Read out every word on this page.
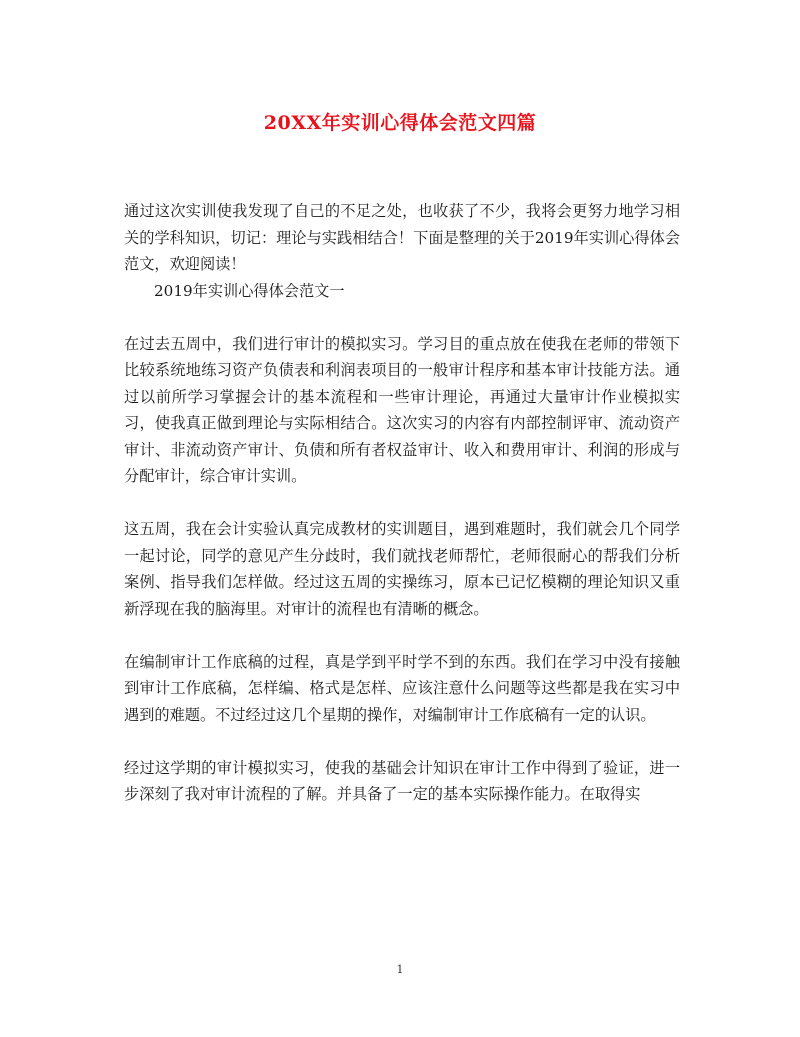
20XX年实训心得体会范文四篇

通过这次实训使我发现了自己的不足之处，也收获了不少，我将会更努力地学习相关的学科知识，切记：理论与实践相结合！下面是整理的关于2019年实训心得体会范文，欢迎阅读！

2019年实训心得体会范文一

在过去五周中，我们进行审计的模拟实习。学习目的重点放在使我在老师的带领下比较系统地练习资产负债表和利润表项目的一般审计程序和基本审计技能方法。通过以前所学习掌握会计的基本流程和一些审计理论，再通过大量审计作业模拟实习，使我真正做到理论与实际相结合。这次实习的内容有内部控制评审、流动资产审计、非流动资产审计、负债和所有者权益审计、收入和费用审计、利润的形成与分配审计，综合审计实训。

这五周，我在会计实验认真完成教材的实训题目，遇到难题时，我们就会几个同学一起讨论，同学的意见产生分歧时，我们就找老师帮忙，老师很耐心的帮我们分析案例、指导我们怎样做。经过这五周的实操练习，原本已记忆模糊的理论知识又重新浮现在我的脑海里。对审计的流程也有清晰的概念。

在编制审计工作底稿的过程，真是学到平时学不到的东西。我们在学习中没有接触到审计工作底稿，怎样编、格式是怎样、应该注意什么问题等这些都是我在实习中遇到的难题。不过经过这几个星期的操作，对编制审计工作底稿有一定的认识。

经过这学期的审计模拟实习，使我的基础会计知识在审计工作中得到了验证，进一步深刻了我对审计流程的了解。并具备了一定的基本实际操作能力。在取得实

1
